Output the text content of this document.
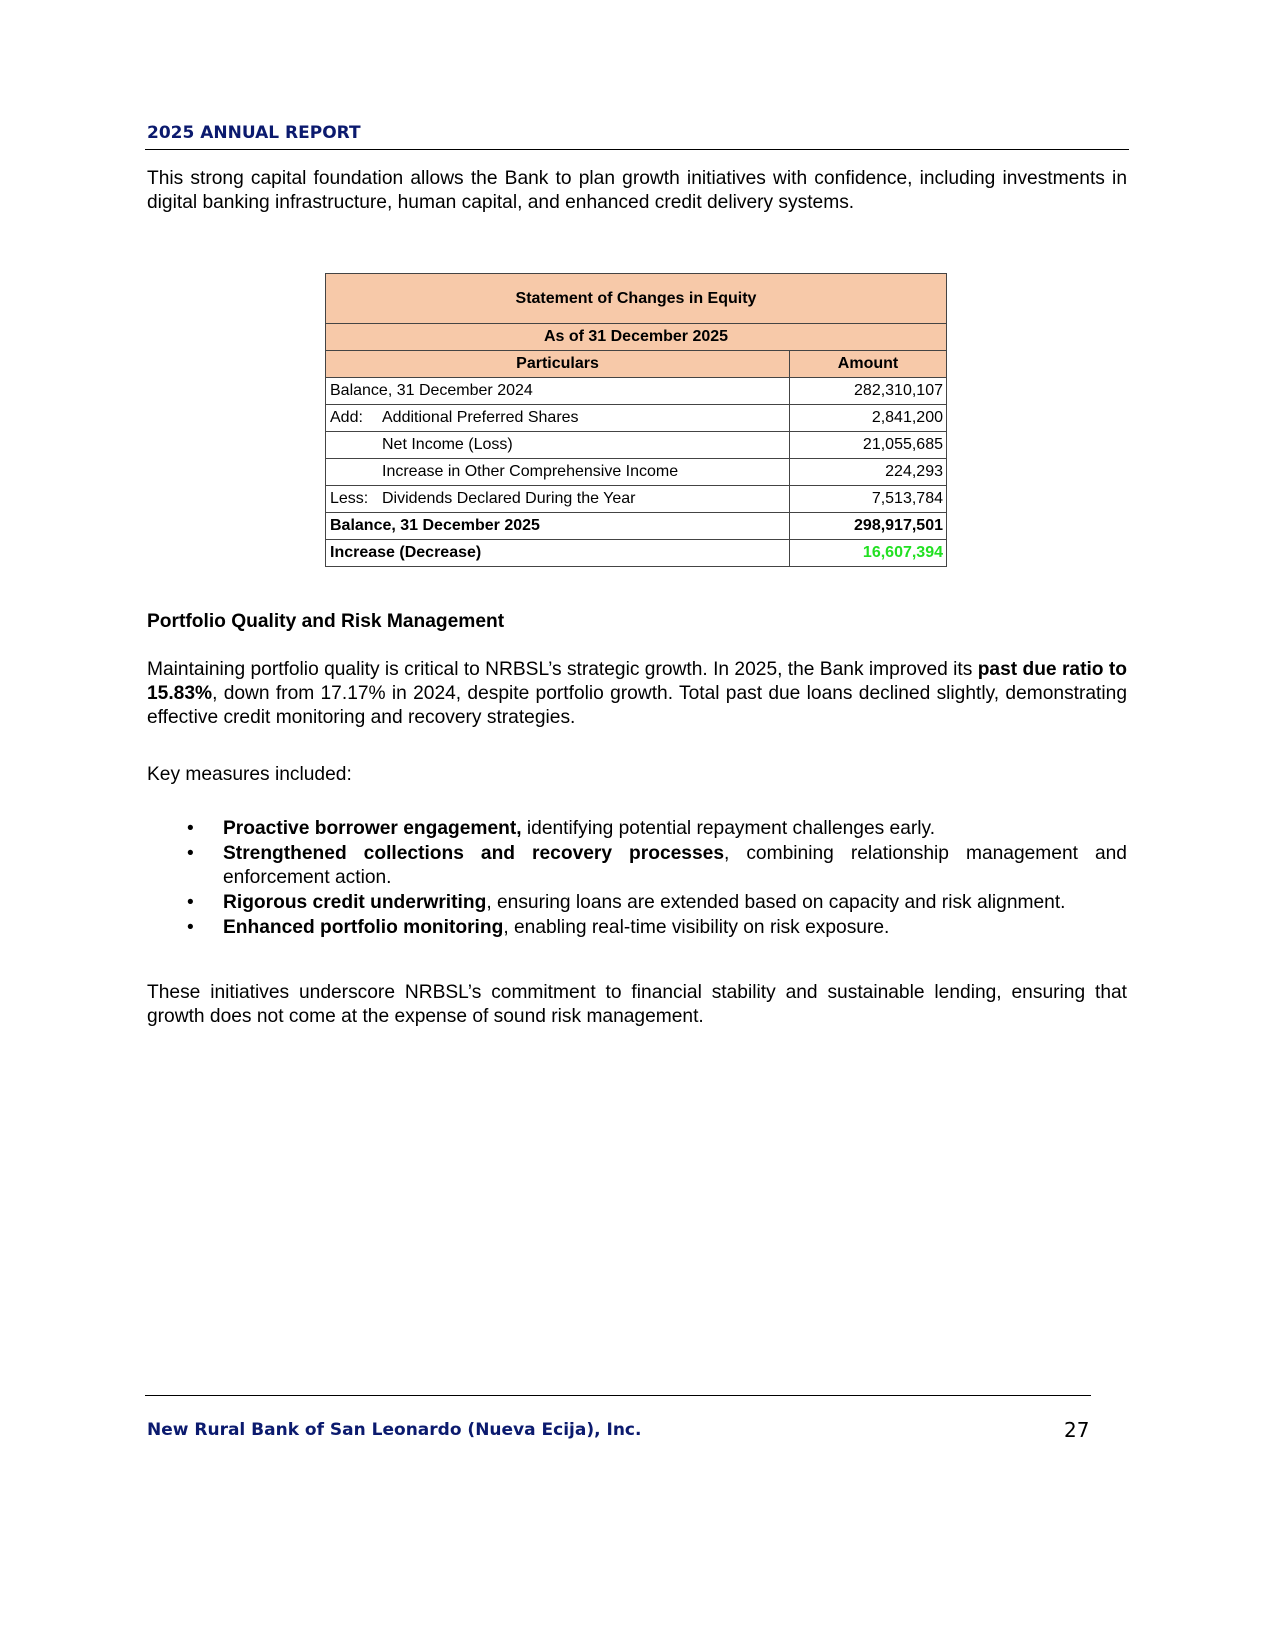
2025 ANNUAL REPORT

This strong capital foundation allows the Bank to plan growth initiatives with confidence, including investments in digital banking infrastructure, human capital, and enhanced credit delivery systems.

Statement of Changes in Equity	
As of 31 December 2025	
Particulars	Amount
Balance, 31 December 2024	282,310,107
Add: Additional Preferred Shares	2,841,200
Net Income (Loss)	21,055,685
Increase in Other Comprehensive Income	224,293
Less: Dividends Declared During the Year	7,513,784
Balance, 31 December 2025	298,917,501
Increase (Decrease)	16,607,394
Portfolio Quality and Risk Management

Maintaining portfolio quality is critical to NRBSL’s strategic growth. In 2025, the Bank improved its past due ratio to 15.83%, down from 17.17% in 2024, despite portfolio growth. Total past due loans declined slightly, demonstrating effective credit monitoring and recovery strategies.

Key measures included:

• Proactive borrower engagement, identifying potential repayment challenges early.
• Strengthened collections and recovery processes, combining relationship management and enforcement action.
• Rigorous credit underwriting, ensuring loans are extended based on capacity and risk alignment.
• Enhanced portfolio monitoring, enabling real-time visibility on risk exposure.

These initiatives underscore NRBSL’s commitment to financial stability and sustainable lending, ensuring that growth does not come at the expense of sound risk management.

New Rural Bank of San Leonardo (Nueva Ecija), Inc.	27
